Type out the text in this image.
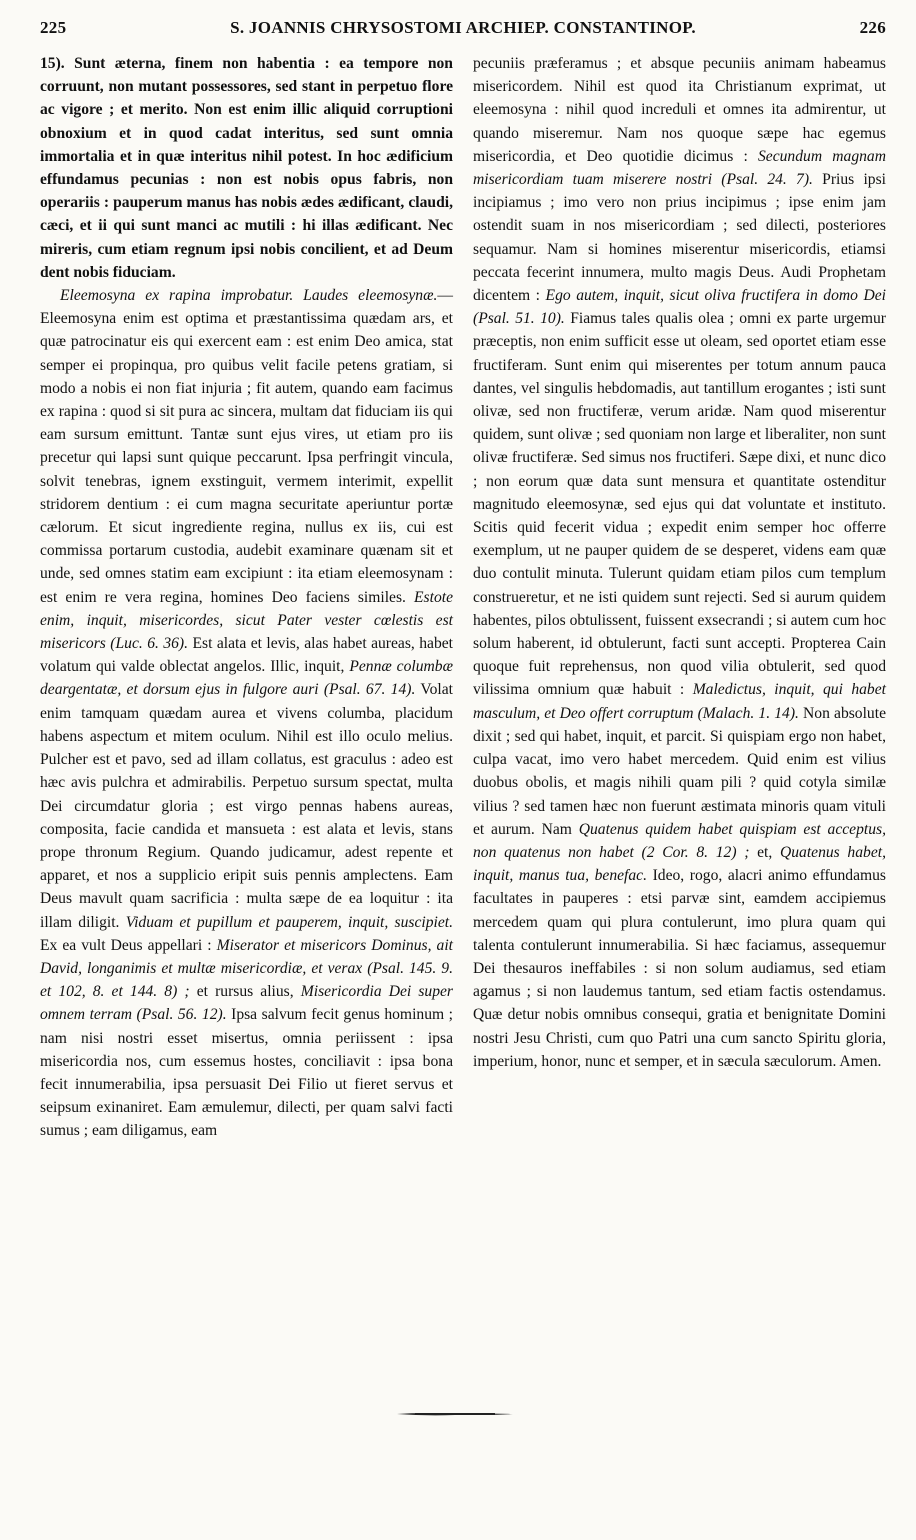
225	S. JOANNIS CHRYSOSTOMI ARCHIEP. CONSTANTINOP.	226

15). Sunt æterna, finem non habentia : ea tempore non corruunt, non mutant possessores, sed stant in perpetuo flore ac vigore ; et merito. Non est enim illic aliquid corruptioni obnoxium et in quod cadat interitus, sed sunt omnia immortalia et in quæ interitus nihil potest. In hoc ædificium effundamus pecunias : non est nobis opus fabris, non operariis : pauperum manus has nobis ædes ædificant, claudi, cæci, et ii qui sunt manci ac mutili : hi illas ædificant. Nec mireris, cum etiam regnum ipsi nobis concilient, et ad Deum dent nobis fiduciam.

Eleemosyna ex rapina improbatur. Laudes eleemosynæ.—Eleemosyna enim est optima et præstantissima quædam ars, et quæ patrocinatur eis qui exercent eam : est enim Deo amica, stat semper ei propinqua, pro quibus velit facile petens gratiam, si modo a nobis ei non fiat injuria ; fit autem, quando eam facimus ex rapina : quod si sit pura ac sincera, multam dat fiduciam iis qui eam sursum emittunt. Tantæ sunt ejus vires, ut etiam pro iis precetur qui lapsi sunt quique peccarunt. Ipsa perfringit vincula, solvit tenebras, ignem exstinguit, vermem interimit, expellit stridorem dentium : ei cum magna securitate aperiuntur portæ cælorum. Et sicut ingrediente regina, nullus ex iis, cui est commissa portarum custodia, audebit examinare quænam sit et unde, sed omnes statim eam excipiunt : ita etiam eleemosynam : est enim re vera regina, homines Deo faciens similes. Estote enim, inquit, misericordes, sicut Pater vester cœlestis est misericors (Luc. 6. 36). Est alata et levis, alas habet aureas, habet volatum qui valde oblectat angelos. Illic, inquit, Pennæ columbæ deargentatæ, et dorsum ejus in fulgore auri (Psal. 67. 14). Volat enim tamquam quædam aurea et vivens columba, placidum habens aspectum et mitem oculum. Nihil est illo oculo melius. Pulcher est et pavo, sed ad illam collatus, est graculus : adeo est hæc avis pulchra et admirabilis. Perpetuo sursum spectat, multa Dei circumdatur gloria ; est virgo pennas habens aureas, composita, facie candida et mansueta : est alata et levis, stans prope thronum Regium. Quando judicamur, adest repente et apparet, et nos a supplicio eripit suis pennis amplectens. Eam Deus mavult quam sacrificia : multa sæpe de ea loquitur : ita illam diligit. Viduam et pupillum et pauperem, inquit, suscipiet. Ex ea vult Deus appellari : Miserator et misericors Dominus, ait David, longanimis et multæ misericordiæ, et verax (Psal. 145. 9. et 102, 8. et 144. 8) ; et rursus alius, Misericordia Dei super omnem terram (Psal. 56. 12). Ipsa salvum fecit genus hominum ; nam nisi nostri esset misertus, omnia periissent : ipsa misericordia nos, cum essemus hostes, conciliavit : ipsa bona fecit innumerabilia, ipsa persuasit Dei Filio ut fieret servus et seipsum exinaniret. Eam æmulemur, dilecti, per quam salvi facti sumus ; eam diligamus, eam

pecuniis præferamus ; et absque pecuniis animam habeamus misericordem. Nihil est quod ita Christianum exprimat, ut eleemosyna : nihil quod increduli et omnes ita admirentur, ut quando miseremur. Nam nos quoque sæpe hac egemus misericordia, et Deo quotidie dicimus : Secundum magnam misericordiam tuam miserere nostri (Psal. 24. 7). Prius ipsi incipiamus ; imo vero non prius incipimus ; ipse enim jam ostendit suam in nos misericordiam ; sed dilecti, posteriores sequamur. Nam si homines miserentur misericordis, etiamsi peccata fecerint innumera, multo magis Deus. Audi Prophetam dicentem : Ego autem, inquit, sicut oliva fructifera in domo Dei (Psal. 51. 10). Fiamus tales qualis olea ; omni ex parte urgemur præceptis, non enim sufficit esse ut oleam, sed oportet etiam esse fructiferam. Sunt enim qui miserentes per totum annum pauca dantes, vel singulis hebdomadis, aut tantillum erogantes ; isti sunt olivæ, sed non fructiferæ, verum aridæ. Nam quod miserentur quidem, sunt olivæ ; sed quoniam non large et liberaliter, non sunt olivæ fructiferæ. Sed simus nos fructiferi. Sæpe dixi, et nunc dico ; non eorum quæ data sunt mensura et quantitate ostenditur magnitudo eleemosynæ, sed ejus qui dat voluntate et instituto. Scitis quid fecerit vidua ; expedit enim semper hoc offerre exemplum, ut ne pauper quidem de se desperet, videns eam quæ duo contulit minuta. Tulerunt quidam etiam pilos cum templum construeretur, et ne isti quidem sunt rejecti. Sed si aurum quidem habentes, pilos obtulissent, fuissent exsecrandi ; si autem cum hoc solum haberent, id obtulerunt, facti sunt accepti. Propterea Cain quoque fuit reprehensus, non quod vilia obtulerit, sed quod vilissima omnium quæ habuit : Maledictus, inquit, qui habet masculum, et Deo offert corruptum (Malach. 1. 14). Non absolute dixit ; sed qui habet, inquit, et parcit. Si quispiam ergo non habet, culpa vacat, imo vero habet mercedem. Quid enim est vilius duobus obolis, et magis nihili quam pili ? quid cotyla similæ vilius ? sed tamen hæc non fuerunt æstimata minoris quam vituli et aurum. Nam Quatenus quidem habet quispiam est acceptus, non quatenus non habet (2 Cor. 8. 12) ; et, Quatenus habet, inquit, manus tua, benefac. Ideo, rogo, alacri animo effundamus facultates in pauperes : etsi parvæ sint, eamdem accipiemus mercedem quam qui plura contulerunt, imo plura quam qui talenta contulerunt innumerabilia. Si hæc faciamus, assequemur Dei thesauros ineffabiles : si non solum audiamus, sed etiam agamus ; si non laudemus tantum, sed etiam factis ostendamus. Quæ detur nobis omnibus consequi, gratia et benignitate Domini nostri Jesu Christi, cum quo Patri una cum sancto Spiritu gloria, imperium, honor, nunc et semper, et in sæcula sæculorum. Amen.
